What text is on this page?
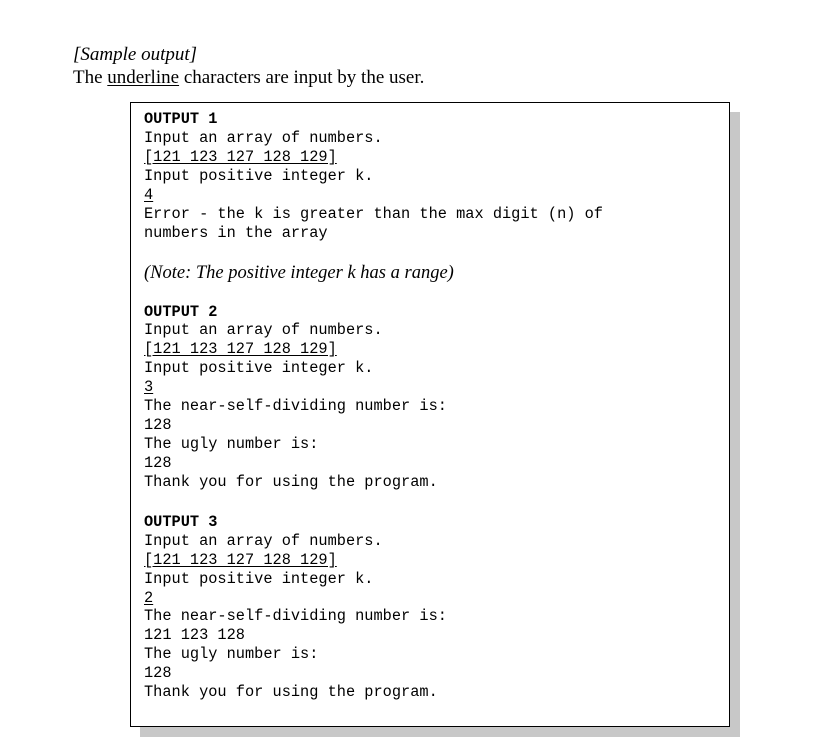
[Sample output]
The underline characters are input by the user.
OUTPUT 1
Input an array of numbers.
[121 123 127 128 129]
Input positive integer k.
4
Error - the k is greater than the max digit (n) of
numbers in the array
(Note: The positive integer k has a range)
OUTPUT 2
Input an array of numbers.
[121 123 127 128 129]
Input positive integer k.
3
The near-self-dividing number is:
128
The ugly number is:
128
Thank you for using the program.
OUTPUT 3
Input an array of numbers.
[121 123 127 128 129]
Input positive integer k.
2
The near-self-dividing number is:
121 123 128
The ugly number is:
128
Thank you for using the program.
